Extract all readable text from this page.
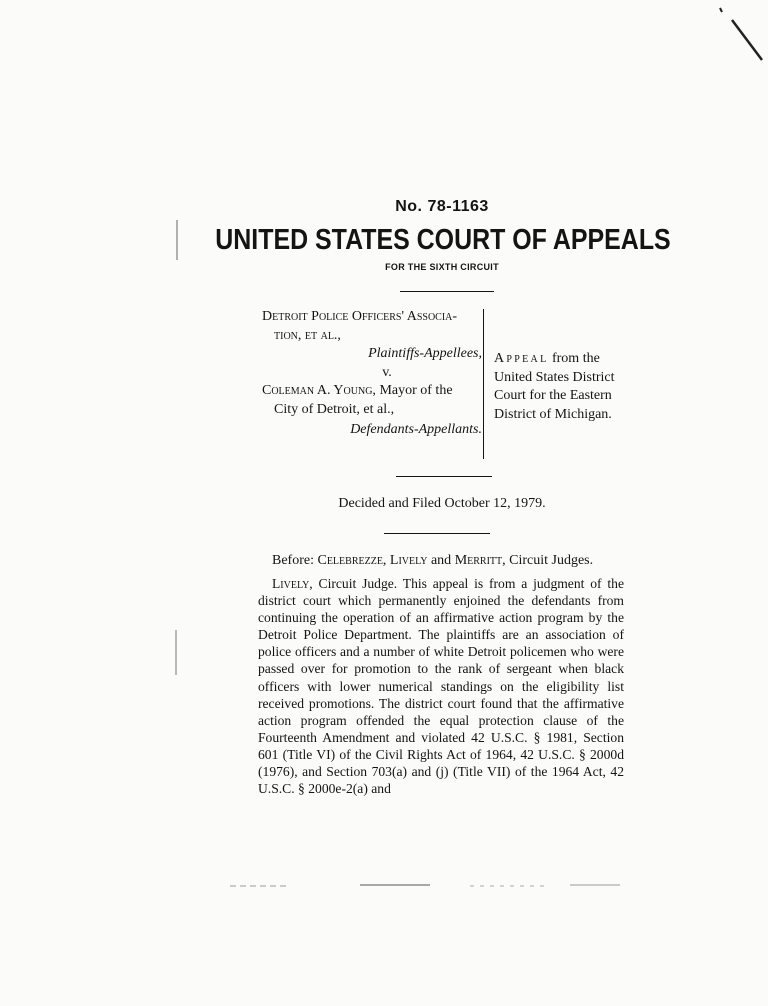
No. 78-1163
UNITED STATES COURT OF APPEALS
FOR THE SIXTH CIRCUIT
Detroit Police Officers' Associa-
tion, et al.,
Plaintiffs-Appellees,
v.
Coleman A. Young, Mayor of the
City of Detroit, et al.,
Defendants-Appellants.
Appeal from the
United States District
Court for the Eastern
District of Michigan.
Decided and Filed October 12, 1979.
Before: Celebrezze, Lively and Merritt, Circuit Judges.
Lively, Circuit Judge. This appeal is from a judgment of the district court which permanently enjoined the defendants from continuing the operation of an affirmative action program by the Detroit Police Department. The plaintiffs are an association of police officers and a number of white Detroit policemen who were passed over for promotion to the rank of sergeant when black officers with lower numerical standings on the eligibility list received promotions. The district court found that the affirmative action program offended the equal protection clause of the Fourteenth Amendment and violated 42 U.S.C. § 1981, Section 601 (Title VI) of the Civil Rights Act of 1964, 42 U.S.C. § 2000d (1976), and Section 703(a) and (j) (Title VII) of the 1964 Act, 42 U.S.C. § 2000e-2(a) and
